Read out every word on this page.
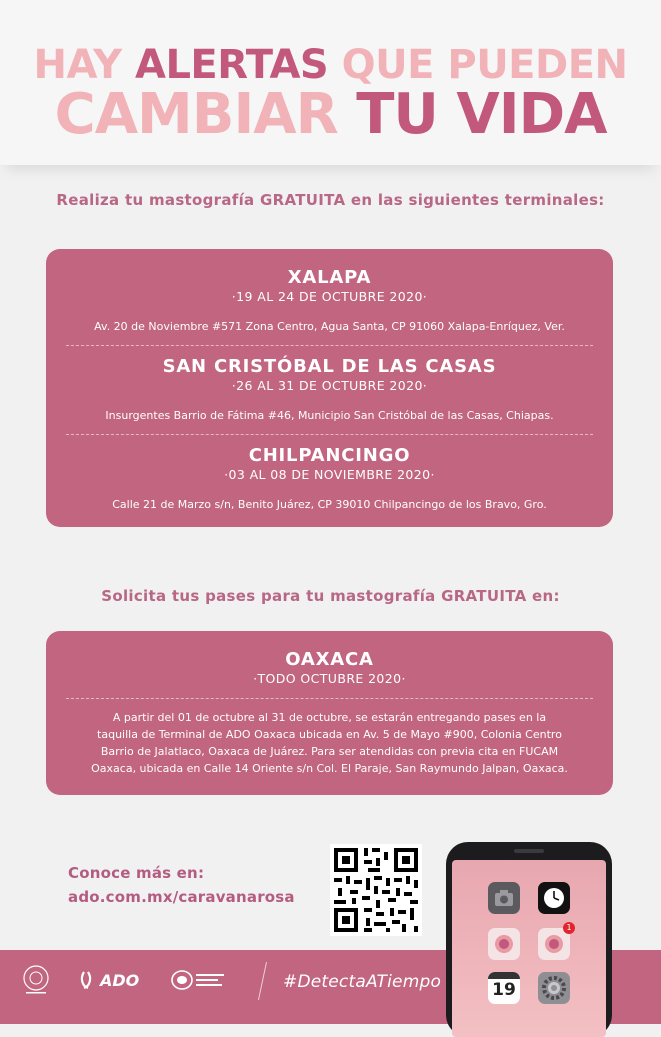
HAY ALERTAS QUE PUEDEN
CAMBIAR TU VIDA
Realiza tu mastografía GRATUITA en las siguientes terminales:
XALAPA
·19 AL 24 DE OCTUBRE 2020·
Av. 20 de Noviembre #571 Zona Centro, Agua Santa, CP 91060 Xalapa-Enríquez, Ver.
SAN CRISTÓBAL DE LAS CASAS
·26 AL 31 DE OCTUBRE 2020·
Insurgentes Barrio de Fátima #46, Municipio San Cristóbal de las Casas, Chiapas.
CHILPANCINGO
·03 AL 08 DE NOVIEMBRE 2020·
Calle 21 de Marzo s/n, Benito Juárez, CP 39010 Chilpancingo de los Bravo, Gro.
Solicita tus pases para tu mastografía GRATUITA en:
OAXACA
·TODO OCTUBRE 2020·
A partir del 01 de octubre al 31 de octubre, se estarán entregando pases en la
taquilla de Terminal de ADO Oaxaca ubicada en Av. 5 de Mayo #900, Colonia Centro
Barrio de Jalatlaco, Oaxaca de Juárez. Para ser atendidas con previa cita en FUCAM
Oaxaca, ubicada en Calle 14 Oriente s/n Col. El Paraje, San Raymundo Jalpan, Oaxaca.
Conoce más en:
ado.com.mx/caravanarosa
ADO	#DetectaATiempo
1
19
